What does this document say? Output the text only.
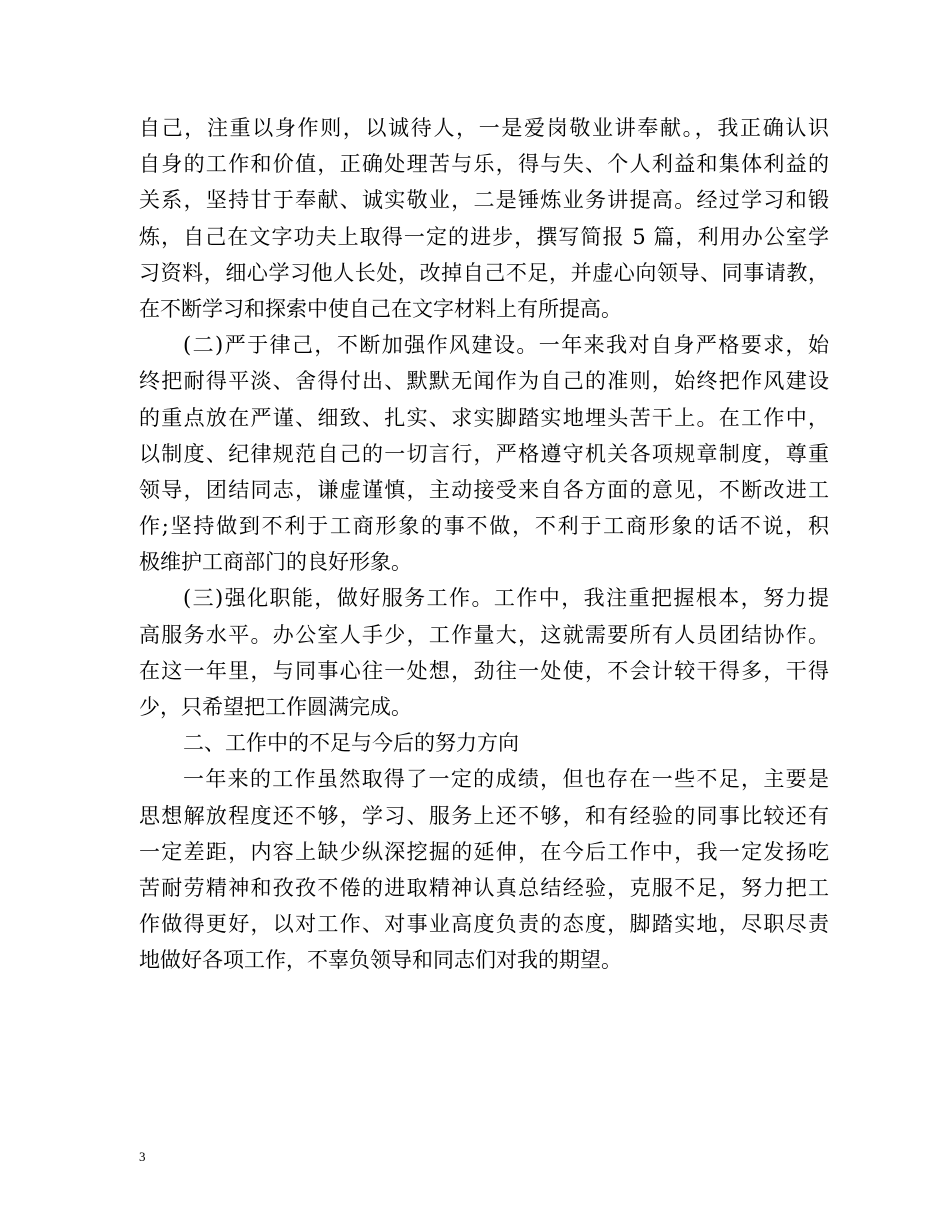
自己，注重以身作则，以诚待人，一是爱岗敬业讲奉献。，我正确认识
自身的工作和价值，正确处理苦与乐，得与失、个人利益和集体利益的
关系，坚持甘于奉献、诚实敬业，二是锤炼业务讲提高。经过学习和锻
炼，自己在文字功夫上取得一定的进步，撰写简报 5 篇，利用办公室学
习资料，细心学习他人长处，改掉自己不足，并虚心向领导、同事请教，
在不断学习和探索中使自己在文字材料上有所提高。
(二)严于律己，不断加强作风建设。一年来我对自身严格要求，始
终把耐得平淡、舍得付出、默默无闻作为自己的准则，始终把作风建设
的重点放在严谨、细致、扎实、求实脚踏实地埋头苦干上。在工作中，
以制度、纪律规范自己的一切言行，严格遵守机关各项规章制度，尊重
领导，团结同志，谦虚谨慎，主动接受来自各方面的意见，不断改进工
作;坚持做到不利于工商形象的事不做，不利于工商形象的话不说，积
极维护工商部门的良好形象。
(三)强化职能，做好服务工作。工作中，我注重把握根本，努力提
高服务水平。办公室人手少，工作量大，这就需要所有人员团结协作。
在这一年里，与同事心往一处想，劲往一处使，不会计较干得多，干得
少，只希望把工作圆满完成。
二、工作中的不足与今后的努力方向
一年来的工作虽然取得了一定的成绩，但也存在一些不足，主要是
思想解放程度还不够，学习、服务上还不够，和有经验的同事比较还有
一定差距，内容上缺少纵深挖掘的延伸，在今后工作中，我一定发扬吃
苦耐劳精神和孜孜不倦的进取精神认真总结经验，克服不足，努力把工
作做得更好，以对工作、对事业高度负责的态度，脚踏实地，尽职尽责
地做好各项工作，不辜负领导和同志们对我的期望。
3
